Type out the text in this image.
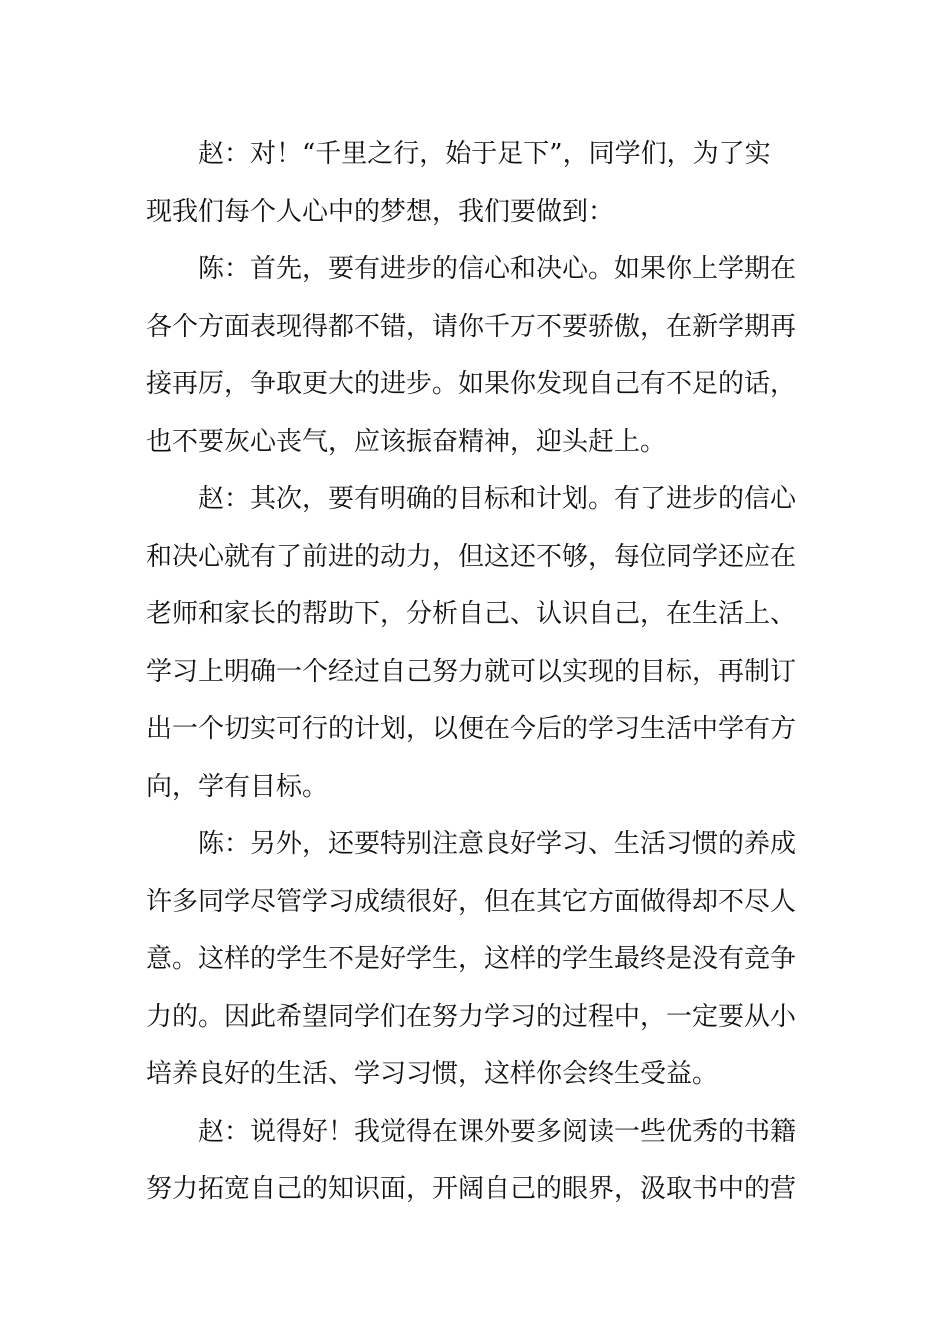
赵：对！“千里之行，始于足下”，同学们，为了实
现我们每个人心中的梦想，我们要做到：
陈：首先，要有进步的信心和决心。如果你上学期在
各个方面表现得都不错，请你千万不要骄傲，在新学期再
接再厉，争取更大的进步。如果你发现自己有不足的话，
也不要灰心丧气，应该振奋精神，迎头赶上。
赵：其次，要有明确的目标和计划。有了进步的信心
和决心就有了前进的动力，但这还不够，每位同学还应在
老师和家长的帮助下，分析自己、认识自己，在生活上、
学习上明确一个经过自己努力就可以实现的目标，再制订
出一个切实可行的计划，以便在今后的学习生活中学有方
向，学有目标。
陈：另外，还要特别注意良好学习、生活习惯的养成
许多同学尽管学习成绩很好，但在其它方面做得却不尽人
意。这样的学生不是好学生，这样的学生最终是没有竞争
力的。因此希望同学们在努力学习的过程中，一定要从小
培养良好的生活、学习习惯，这样你会终生受益。
赵：说得好！我觉得在课外要多阅读一些优秀的书籍
努力拓宽自己的知识面，开阔自己的眼界，汲取书中的营
